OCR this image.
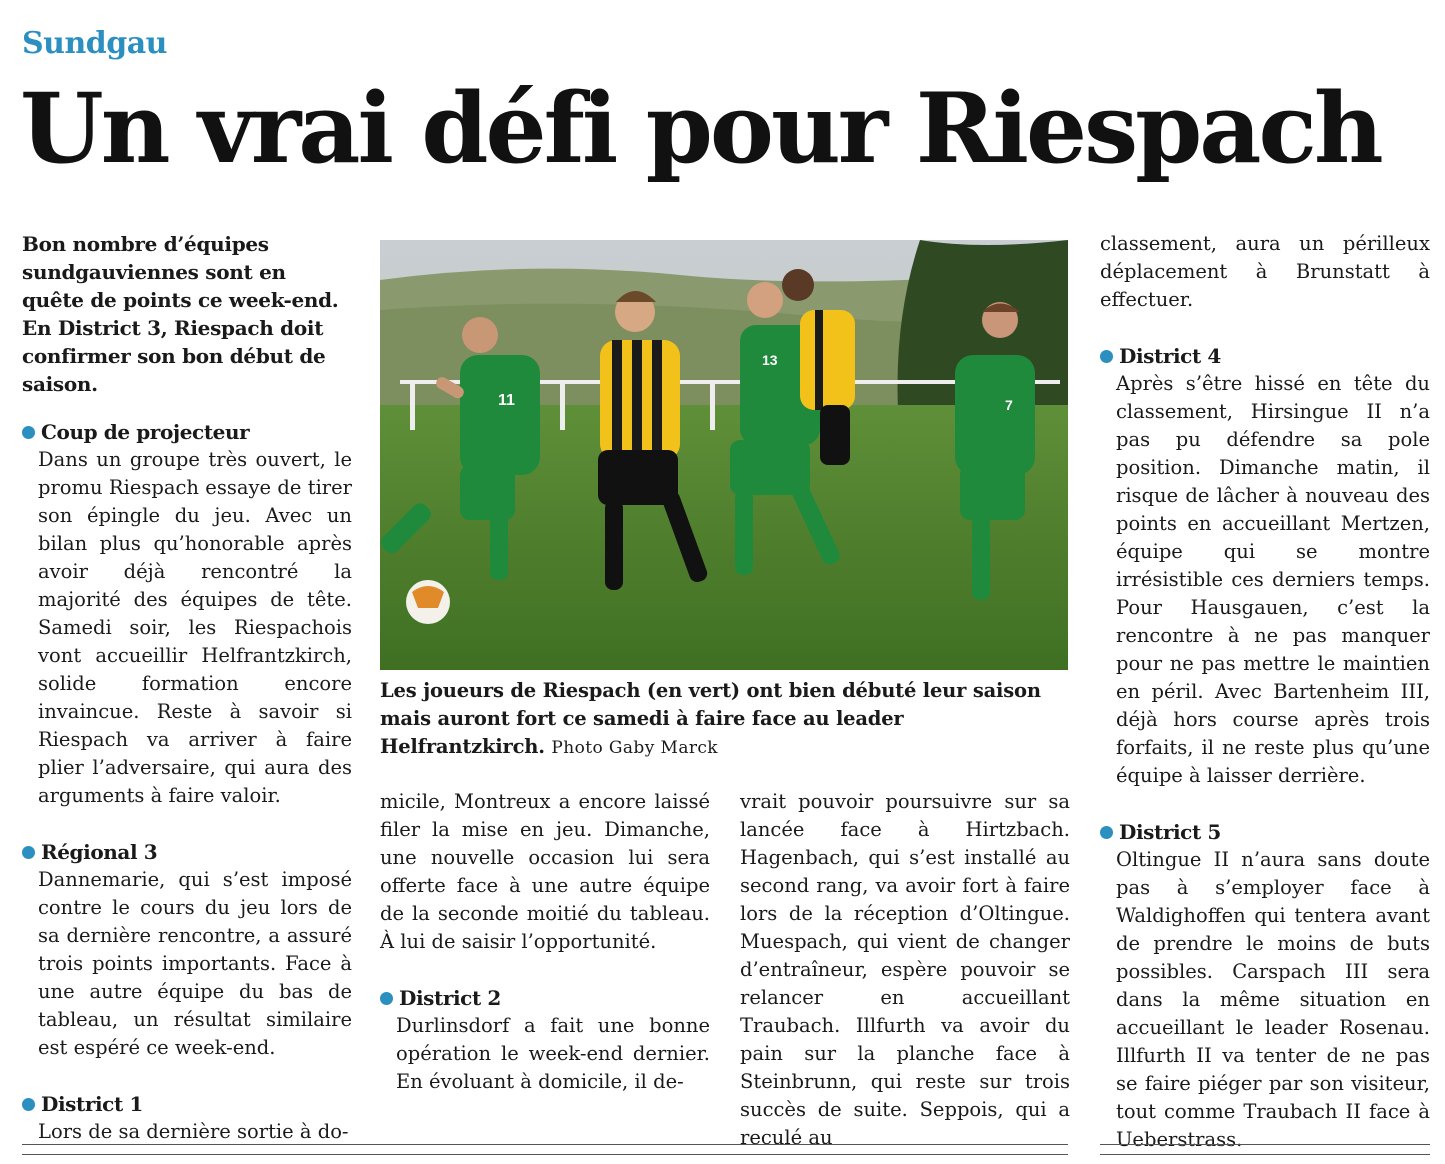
Sundgau
Un vrai défi pour Riespach

Bon nombre d’équipes sundgauviennes sont en quête de points ce week-end. En District 3, Riespach doit confirmer son bon début de saison.

Coup de projecteur

Dans un groupe très ouvert, le promu Riespach essaye de tirer son épingle du jeu. Avec un bilan plus qu’honorable après avoir déjà rencontré la majorité des équipes de tête. Samedi soir, les Riespachois vont accueillir Helfrantzkirch, solide formation encore invaincue. Reste à savoir si Riespach va arriver à faire plier l’adversaire, qui aura des arguments à faire valoir.

Régional 3

Dannemarie, qui s’est imposé contre le cours du jeu lors de sa dernière rencontre, a assuré trois points importants. Face à une autre équipe du bas de tableau, un résultat similaire est espéré ce week-end.

District 1

Lors de sa dernière sortie à do-

11
13
7
Les joueurs de Riespach (en vert) ont bien débuté leur saison mais auront fort ce samedi à faire face au leader Helfrantzkirch. Photo Gaby Marck

micile, Montreux a encore laissé filer la mise en jeu. Dimanche, une nouvelle occasion lui sera offerte face à une autre équipe de la seconde moitié du tableau. À lui de saisir l’opportunité.

District 2

Durlinsdorf a fait une bonne opération le week-end dernier. En évoluant à domicile, il de-

vrait pouvoir poursuivre sur sa lancée face à Hirtzbach. Hagenbach, qui s’est installé au second rang, va avoir fort à faire lors de la réception d’Oltingue. Muespach, qui vient de changer d’entraîneur, espère pouvoir se relancer en accueillant Traubach. Illfurth va avoir du pain sur la planche face à Steinbrunn, qui reste sur trois succès de suite. Seppois, qui a reculé au

classement, aura un périlleux déplacement à Brunstatt à effectuer.

District 4

Après s’être hissé en tête du classement, Hirsingue II n’a pas pu défendre sa pole position. Dimanche matin, il risque de lâcher à nouveau des points en accueillant Mertzen, équipe qui se montre irrésistible ces derniers temps. Pour Hausgauen, c’est la rencontre à ne pas manquer pour ne pas mettre le maintien en péril. Avec Bartenheim III, déjà hors course après trois forfaits, il ne reste plus qu’une équipe à laisser derrière.

District 5

Oltingue II n’aura sans doute pas à s’employer face à Waldighoffen qui tentera avant de prendre le moins de buts possibles. Carspach III sera dans la même situation en accueillant le leader Rosenau. Illfurth II va tenter de ne pas se faire piéger par son visiteur, tout comme Traubach II face à Ueberstrass.
